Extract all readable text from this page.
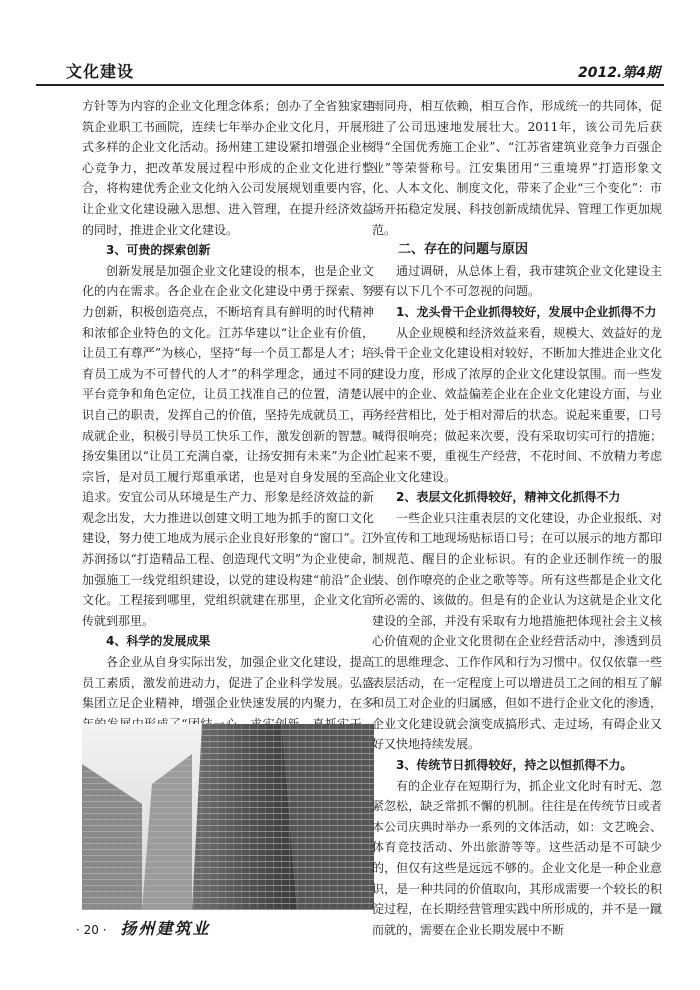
文化建设	2012.第4期

方针等为内容的企业文化理念体系；创办了全省独家建筑企业职工书画院，连续七年举办企业文化月，开展形式多样的企业文化活动。扬州建工建设紧扣增强企业核心竞争力，把改革发展过程中形成的企业文化进行整合，将构建优秀企业文化纳入公司发展规划重要内容，让企业文化建设融入思想、进入管理，在提升经济效益的同时，推进企业文化建设。

3、可贵的探索创新

创新发展是加强企业文化建设的根本，也是企业文化的内在需求。各企业在企业文化建设中勇于探索、努力创新，积极创造亮点，不断培育具有鲜明的时代精神和浓郁企业特色的文化。江苏华建以“让企业有价值，让员工有尊严”为核心，坚持“每一个员工都是人才；培育员工成为不可替代的人才”的科学理念，通过不同的平台竞争和角色定位，让员工找准自己的位置，清楚认识自己的职责，发挥自己的价值，坚持先成就员工，再成就企业，积极引导员工快乐工作，激发创新的智慧。扬安集团以“让员工充满自豪，让扬安拥有未来”为企业宗旨，是对员工履行郑重承诺，也是对自身发展的至高追求。安宜公司从环境是生产力、形象是经济效益的新观念出发，大力推进以创建文明工地为抓手的窗口文化建设，努力使工地成为展示企业良好形象的“窗口”。江苏润扬以“打造精品工程、创造现代文明”为企业使命，加强施工一线党组织建设，以党的建设构建“前沿”企业文化。工程接到哪里，党组织就建在那里，企业文化宣传就到那里。

4、科学的发展成果

各企业从自身实际出发，加强企业文化建设，提高员工素质，激发前进动力，促进了企业科学发展。弘盛集团立足企业精神，增强企业快速发展的内聚力，在多

雨同舟，相互依赖，相互合作，形成统一的共同体，促进了公司迅速地发展壮大。2011年，该公司先后获得“全国优秀施工企业”、“江苏省建筑业竞争力百强企业”等荣誉称号。江安集团用“三重境界”打造形象文化、人本文化、制度文化，带来了企业“三个变化”：市场开拓稳定发展、科技创新成绩优异、管理工作更加规范。

二、存在的问题与原因

通过调研，从总体上看，我市建筑企业文化建设主要有以下几个不可忽视的问题。

1、龙头骨干企业抓得较好，发展中企业抓得不力

从企业规模和经济效益来看，规模大、效益好的龙头骨干企业文化建设相对较好，不断加大推进企业文化建设力度，形成了浓厚的企业文化建设氛围。而一些发展中的企业、效益偏差企业在企业文化建设方面，与业务经营相比，处于相对滞后的状态。说起来重要，口号喊得很响亮；做起来次要，没有采取切实可行的措施；忙起来不要，重视生产经营，不花时间、不放精力考虑企业文化建设。

2、表层文化抓得较好，精神文化抓得不力

一些企业只注重表层的文化建设，办企业报纸、对外宣传和工地现场贴标语口号；在可以展示的地方都印制规范、醒目的企业标识。有的企业还制作统一的服装、创作嘹亮的企业之歌等等。所有这些都是企业文化所必需的、该做的。但是有的企业认为这就是企业文化建设的全部，并没有采取有力地措施把体现社会主义核心价值观的企业文化贯彻在企业经营活动中，渗透到员工的思维理念、工作作风和行为习惯中。仅仅依靠一些表层活动，在一定程度上可以增进员工之间的相互了解和员工对企业的归属感，但如不进行企业文化的渗透，企业文化建设就会演变成搞形式、走过场，有碍企业又好又快地持续发展。

3、传统节日抓得较好，持之以恒抓得不力。

有的企业存在短期行为，抓企业文化时有时无、忽紧忽松，缺乏常抓不懈的机制。往往是在传统节日或者本公司庆典时举办一系列的文体活动，如：文艺晚会、体育竞技活动、外出旅游等等。这些活动是不可缺少的，但仅有这些是远远不够的。企业文化是一种企业意识，是一种共同的价值取向，其形成需要一个较长的积淀过程，在长期经营管理实践中所形成的，并不是一蹴而就的，需要在企业长期发展中不断

· 20 · 扬州建筑业
